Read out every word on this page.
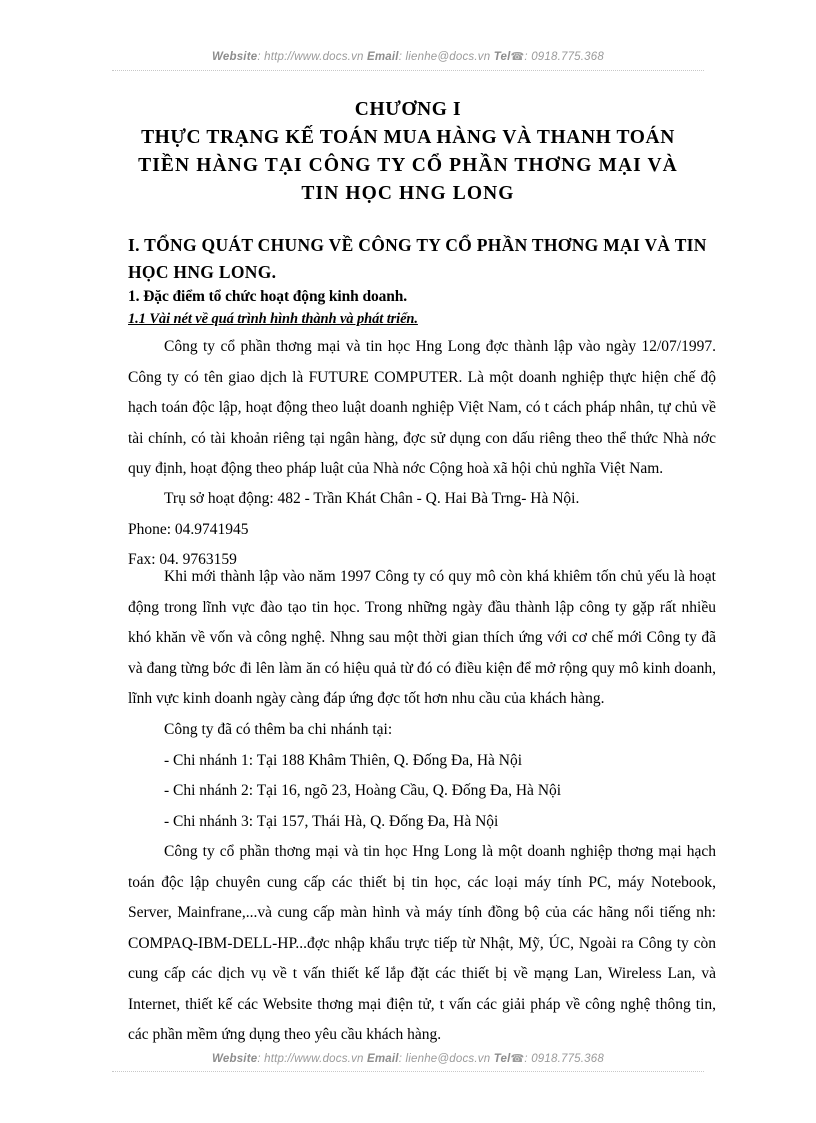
Website: http://www.docs.vn Email: lienhe@docs.vn Tel☎: 0918.775.368
CHƯƠNG I
THỰC TRẠNG KẾ TOÁN MUA HÀNG VÀ THANH TOÁN
TIỀN HÀNG TẠI CÔNG TY CỔ PHẦN THƠNG MẠI VÀ
TIN HỌC HNG LONG
I. TỔNG QUÁT CHUNG VỀ CÔNG TY CỔ PHẦN THƠNG MẠI VÀ TIN HỌC HNG LONG.
1. Đặc điểm tổ chức hoạt động kinh doanh.
1.1 Vài nét về quá trình hình thành và phát triển.

Công ty cổ phần thơng mại và tin học Hng Long đợc thành lập vào ngày 12/07/1997. Công ty có tên giao dịch là FUTURE COMPUTER. Là một doanh nghiệp thực hiện chế độ hạch toán độc lập, hoạt động theo luật doanh nghiệp Việt Nam, có t cách pháp nhân, tự chủ về tài chính, có tài khoản riêng tại ngân hàng, đợc sử dụng con dấu riêng theo thể thức Nhà nớc quy định, hoạt động theo pháp luật của Nhà nớc Cộng hoà xã hội chủ nghĩa Việt Nam.

Trụ sở hoạt động: 482 - Trần Khát Chân - Q. Hai Bà Trng- Hà Nội.

Phone: 04.9741945

Fax: 04. 9763159

Khi mới thành lập vào năm 1997 Công ty có quy mô còn khá khiêm tốn chủ yếu là hoạt động trong lĩnh vực đào tạo tin học. Trong những ngày đầu thành lập công ty gặp rất nhiều khó khăn về vốn và công nghệ. Nhng sau một thời gian thích ứng với cơ chế mới Công ty đã và đang từng bớc đi lên làm ăn có hiệu quả từ đó có điều kiện để mở rộng quy mô kinh doanh, lĩnh vực kinh doanh ngày càng đáp ứng đợc tốt hơn nhu cầu của khách hàng.

Công ty đã có thêm ba chi nhánh tại:

- Chi nhánh 1: Tại 188 Khâm Thiên, Q. Đống Đa, Hà Nội

- Chi nhánh 2: Tại 16, ngõ 23, Hoàng Cầu, Q. Đống Đa, Hà Nội

- Chi nhánh 3: Tại 157, Thái Hà, Q. Đống Đa, Hà Nội

Công ty cổ phần thơng mại và tin học Hng Long là một doanh nghiệp thơng mại hạch toán độc lập chuyên cung cấp các thiết bị tin học, các loại máy tính PC, máy Notebook, Server, Mainfrane,...và cung cấp màn hình và máy tính đồng bộ của các hãng nổi tiếng nh: COMPAQ-IBM-DELL-HP...đợc nhập khẩu trực tiếp từ Nhật, Mỹ, ÚC, Ngoài ra Công ty còn cung cấp các dịch vụ về t vấn thiết kế lắp đặt các thiết bị về mạng Lan, Wireless Lan, và Internet, thiết kế các Website thơng mại điện tử, t vấn các giải pháp về công nghệ thông tin, các phần mềm ứng dụng theo yêu cầu khách hàng.

Website: http://www.docs.vn Email: lienhe@docs.vn Tel☎: 0918.775.368
